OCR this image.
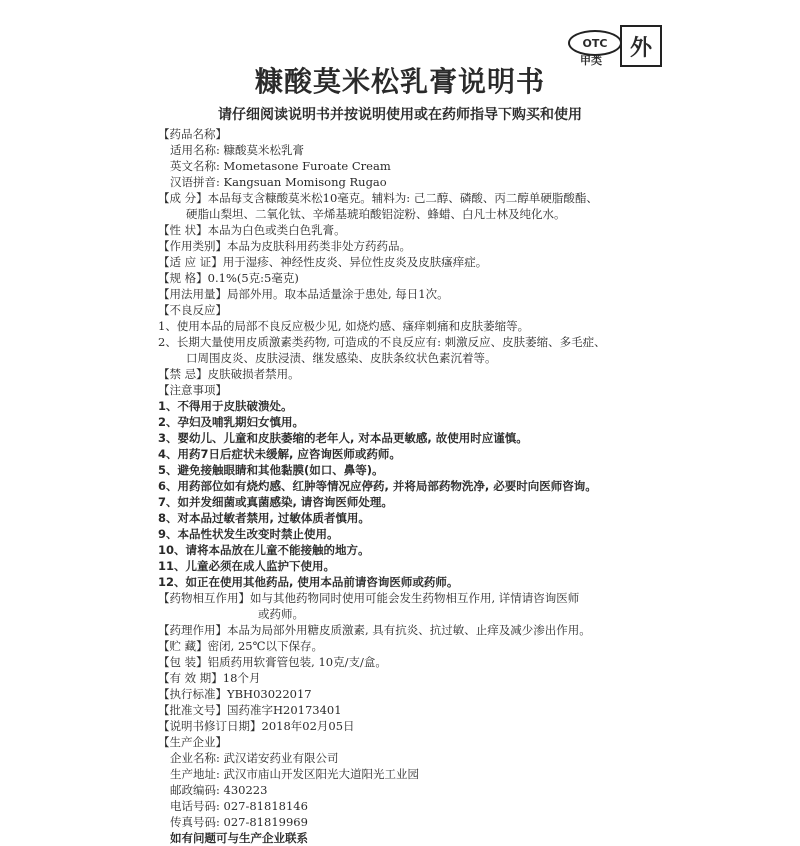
OTC
甲类	外
糠酸莫米松乳膏说明书
请仔细阅读说明书并按说明使用或在药师指导下购买和使用
【药品名称】
适用名称: 糠酸莫米松乳膏
英文名称: Mometasone Furoate Cream
汉语拼音: Kangsuan Momisong Rugao
【成 分】本品每支含糠酸莫米松10毫克。辅料为: 己二醇、磷酸、丙二醇单硬脂酸酯、
硬脂山梨坦、二氧化钛、辛烯基琥珀酸铝淀粉、蜂蜡、白凡士林及纯化水。
【性 状】本品为白色或类白色乳膏。
【作用类别】本品为皮肤科用药类非处方药药品。
【适 应 证】用于湿疹、神经性皮炎、异位性皮炎及皮肤瘙痒症。
【规 格】0.1%(5克:5毫克)
【用法用量】局部外用。取本品适量涂于患处, 每日1次。
【不良反应】
1、使用本品的局部不良反应极少见, 如烧灼感、瘙痒刺痛和皮肤萎缩等。
2、长期大量使用皮质激素类药物, 可造成的不良反应有: 刺激反应、皮肤萎缩、多毛症、
口周围皮炎、皮肤浸渍、继发感染、皮肤条纹状色素沉着等。
【禁 忌】皮肤破损者禁用。
【注意事项】
1、不得用于皮肤破溃处。
2、孕妇及哺乳期妇女慎用。
3、婴幼儿、儿童和皮肤萎缩的老年人, 对本品更敏感, 故使用时应谨慎。
4、用药7日后症状未缓解, 应咨询医师或药师。
5、避免接触眼睛和其他黏膜(如口、鼻等)。
6、用药部位如有烧灼感、红肿等情况应停药, 并将局部药物洗净, 必要时向医师咨询。
7、如并发细菌或真菌感染, 请咨询医师处理。
8、对本品过敏者禁用, 过敏体质者慎用。
9、本品性状发生改变时禁止使用。
10、请将本品放在儿童不能接触的地方。
11、儿童必须在成人监护下使用。
12、如正在使用其他药品, 使用本品前请咨询医师或药师。
【药物相互作用】如与其他药物同时使用可能会发生药物相互作用, 详情请咨询医师
或药师。
【药理作用】本品为局部外用糖皮质激素, 具有抗炎、抗过敏、止痒及减少渗出作用。
【贮 藏】密闭, 25℃以下保存。
【包 装】铝质药用软膏管包装, 10克/支/盒。
【有 效 期】18个月
【执行标准】YBH03022017
【批准文号】国药准字H20173401
【说明书修订日期】2018年02月05日
【生产企业】
企业名称: 武汉诺安药业有限公司
生产地址: 武汉市庙山开发区阳光大道阳光工业园
邮政编码: 430223
电话号码: 027-81818146
传真号码: 027-81819969
如有问题可与生产企业联系
